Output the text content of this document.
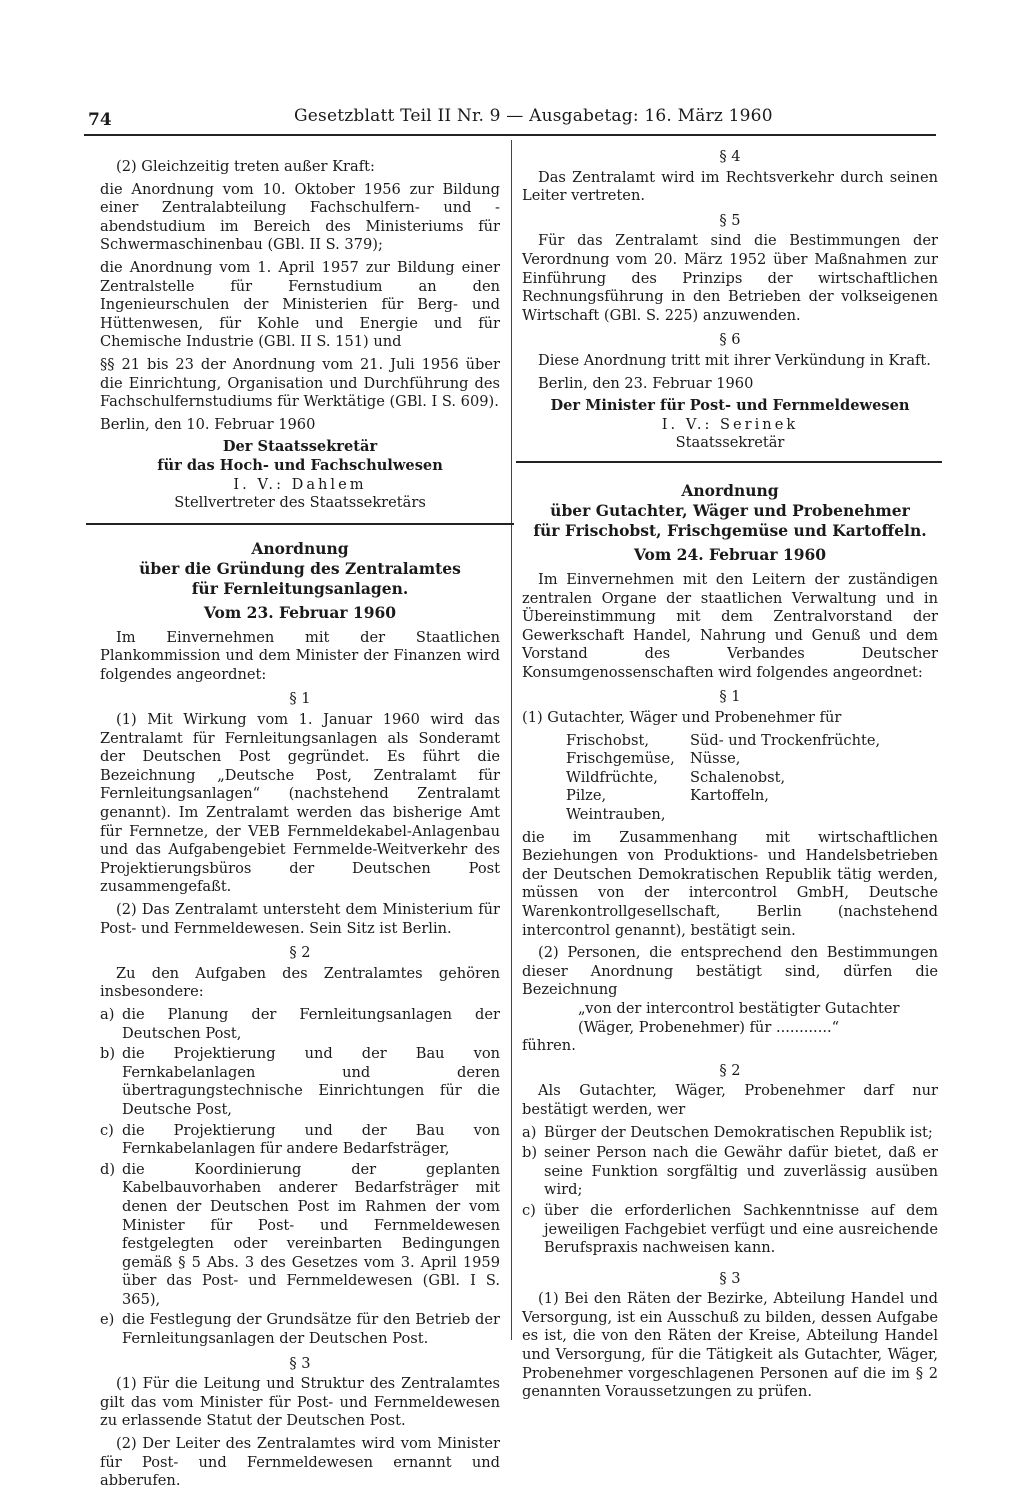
74	Gesetzblatt Teil II Nr. 9 — Ausgabetag: 16. März 1960

(2) Gleichzeitig treten außer Kraft:

die Anordnung vom 10. Oktober 1956 zur Bildung einer Zentralabteilung Fachschulfern- und -abendstudium im Bereich des Ministeriums für Schwermaschinenbau (GBl. II S. 379);

die Anordnung vom 1. April 1957 zur Bildung einer Zentralstelle für Fernstudium an den Ingenieurschulen der Ministerien für Berg- und Hüttenwesen, für Kohle und Energie und für Chemische Industrie (GBl. II S. 151) und

§§ 21 bis 23 der Anordnung vom 21. Juli 1956 über die Einrichtung, Organisation und Durchführung des Fachschulfernstudiums für Werktätige (GBl. I S. 609).

Berlin, den 10. Februar 1960

Der Staatssekretär

für das Hoch- und Fachschulwesen

I. V.: Dahlem

Stellvertreter des Staatssekretärs

Anordnung

über die Gründung des Zentralamtes

für Fernleitungsanlagen.

Vom 23. Februar 1960

Im Einvernehmen mit der Staatlichen Plankommission und dem Minister der Finanzen wird folgendes angeordnet:

§ 1

(1) Mit Wirkung vom 1. Januar 1960 wird das Zentralamt für Fernleitungsanlagen als Sonderamt der Deutschen Post gegründet. Es führt die Bezeichnung „Deutsche Post, Zentralamt für Fernleitungsanlagen“ (nachstehend Zentralamt genannt). Im Zentralamt werden das bisherige Amt für Fernnetze, der VEB Fernmeldekabel-Anlagenbau und das Aufgabengebiet Fernmelde-Weitverkehr des Projektierungsbüros der Deutschen Post zusammengefaßt.

(2) Das Zentralamt untersteht dem Ministerium für Post- und Fernmeldewesen. Sein Sitz ist Berlin.

§ 2

Zu den Aufgaben des Zentralamtes gehören insbesondere:

a) die Planung der Fernleitungsanlagen der Deutschen Post,
b) die Projektierung und der Bau von Fernkabelanlagen und deren übertragungstechnische Einrichtungen für die Deutsche Post,
c) die Projektierung und der Bau von Fernkabelanlagen für andere Bedarfsträger,
d) die Koordinierung der geplanten Kabelbauvorhaben anderer Bedarfsträger mit denen der Deutschen Post im Rahmen der vom Minister für Post- und Fernmeldewesen festgelegten oder vereinbarten Bedingungen gemäß § 5 Abs. 3 des Gesetzes vom 3. April 1959 über das Post- und Fernmeldewesen (GBl. I S. 365),
e) die Festlegung der Grundsätze für den Betrieb der Fernleitungsanlagen der Deutschen Post.

§ 3

(1) Für die Leitung und Struktur des Zentralamtes gilt das vom Minister für Post- und Fernmeldewesen zu erlassende Statut der Deutschen Post.

(2) Der Leiter des Zentralamtes wird vom Minister für Post- und Fernmeldewesen ernannt und abberufen.

§ 4

Das Zentralamt wird im Rechtsverkehr durch seinen Leiter vertreten.

§ 5

Für das Zentralamt sind die Bestimmungen der Verordnung vom 20. März 1952 über Maßnahmen zur Einführung des Prinzips der wirtschaftlichen Rechnungsführung in den Betrieben der volkseigenen Wirtschaft (GBl. S. 225) anzuwenden.

§ 6

Diese Anordnung tritt mit ihrer Verkündung in Kraft.

Berlin, den 23. Februar 1960

Der Minister für Post- und Fernmeldewesen

I. V.: Serinek

Staatssekretär

Anordnung

über Gutachter, Wäger und Probenehmer

für Frischobst, Frischgemüse und Kartoffeln.

Vom 24. Februar 1960

Im Einvernehmen mit den Leitern der zuständigen zentralen Organe der staatlichen Verwaltung und in Übereinstimmung mit dem Zentralvorstand der Gewerkschaft Handel, Nahrung und Genuß und dem Vorstand des Verbandes Deutscher Konsumgenossenschaften wird folgendes angeordnet:

§ 1

(1) Gutachter, Wäger und Probenehmer für

Frischobst,	Süd- und Trockenfrüchte,
Frischgemüse,	Nüsse,
Wildfrüchte,	Schalenobst,
Pilze,	Kartoffeln,
Weintrauben,

die im Zusammenhang mit wirtschaftlichen Beziehungen von Produktions- und Handelsbetrieben der Deutschen Demokratischen Republik tätig werden, müssen von der intercontrol GmbH, Deutsche Warenkontrollgesellschaft, Berlin (nachstehend intercontrol genannt), bestätigt sein.

(2) Personen, die entsprechend den Bestimmungen dieser Anordnung bestätigt sind, dürfen die Bezeichnung

„von der intercontrol bestätigter Gutachter

(Wäger, Probenehmer) für ............“

führen.

§ 2

Als Gutachter, Wäger, Probenehmer darf nur bestätigt werden, wer

a) Bürger der Deutschen Demokratischen Republik ist;
b) seiner Person nach die Gewähr dafür bietet, daß er seine Funktion sorgfältig und zuverlässig ausüben wird;
c) über die erforderlichen Sachkenntnisse auf dem jeweiligen Fachgebiet verfügt und eine ausreichende Berufspraxis nachweisen kann.

§ 3

(1) Bei den Räten der Bezirke, Abteilung Handel und Versorgung, ist ein Ausschuß zu bilden, dessen Aufgabe es ist, die von den Räten der Kreise, Abteilung Handel und Versorgung, für die Tätigkeit als Gutachter, Wäger, Probenehmer vorgeschlagenen Personen auf die im § 2 genannten Voraussetzungen zu prüfen.
